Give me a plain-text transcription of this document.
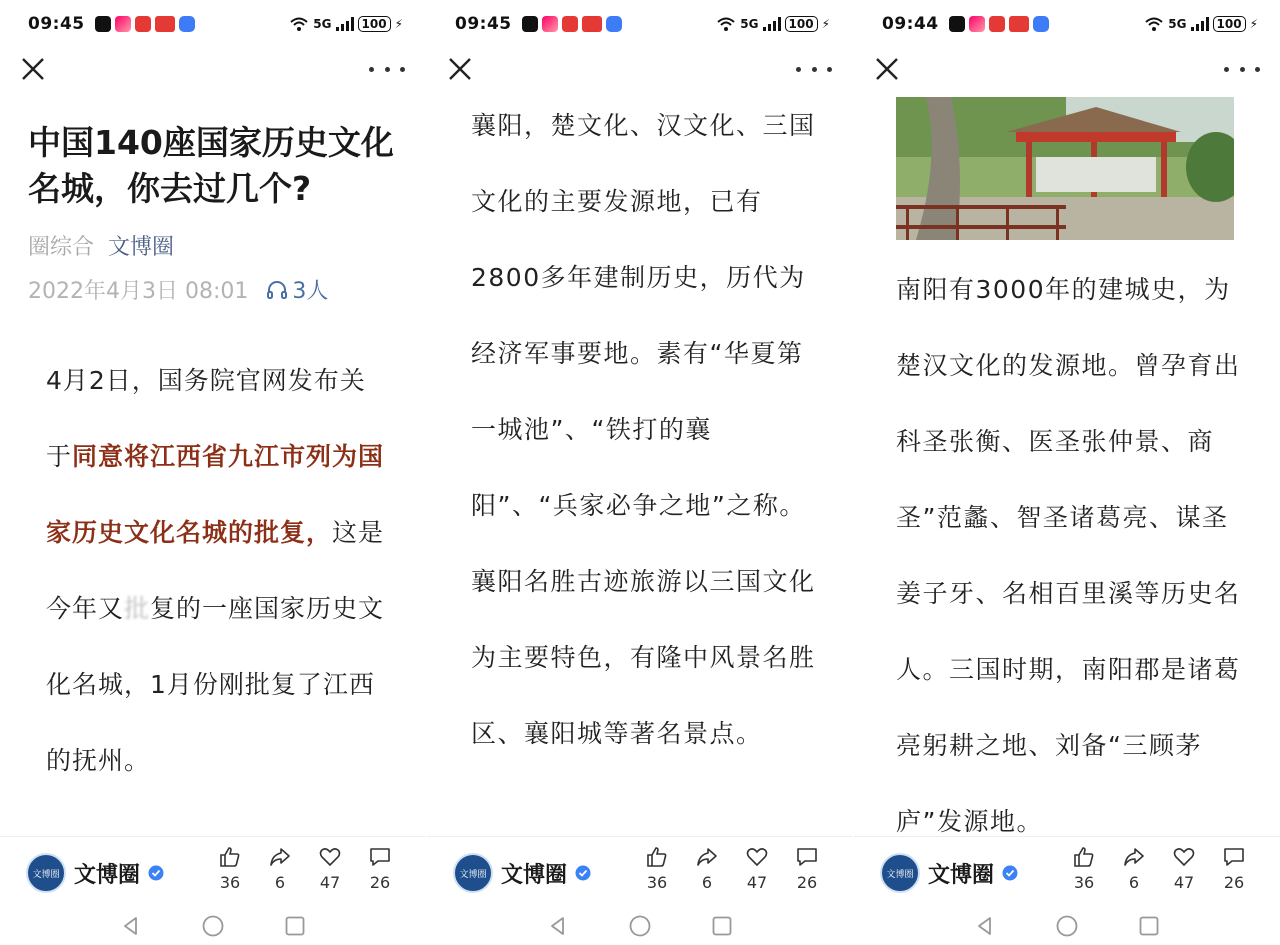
09:45	5G	100 ⚡
中国140座国家历史文化名城，你去过几个?
圈综合 文博圈
2022年4月3日 08:01 3人
4月2日，国务院官网发布关于同意将江西省九江市列为国家历史文化名城的批复，这是今年又批复的一座国家历史文化名城，1月份刚批复了江西的抚州。
文博圈 文博圈	36 6 47 26
09:45	5G	100 ⚡
襄阳，楚文化、汉文化、三国文化的主要发源地，已有2800多年建制历史，历代为经济军事要地。素有“华夏第一城池”、“铁打的襄阳”、“兵家必争之地”之称。襄阳名胜古迹旅游以三国文化为主要特色，有隆中风景名胜区、襄阳城等著名景点。
文博圈 文博圈	36 6 47 26
09:44	5G	100 ⚡
南阳有3000年的建城史，为楚汉文化的发源地。曾孕育出科圣张衡、医圣张仲景、商圣”范蠡、智圣诸葛亮、谋圣姜子牙、名相百里溪等历史名人。三国时期，南阳郡是诸葛亮躬耕之地、刘备“三顾茅庐”发源地。
文博圈 文博圈	36 6 47 26
